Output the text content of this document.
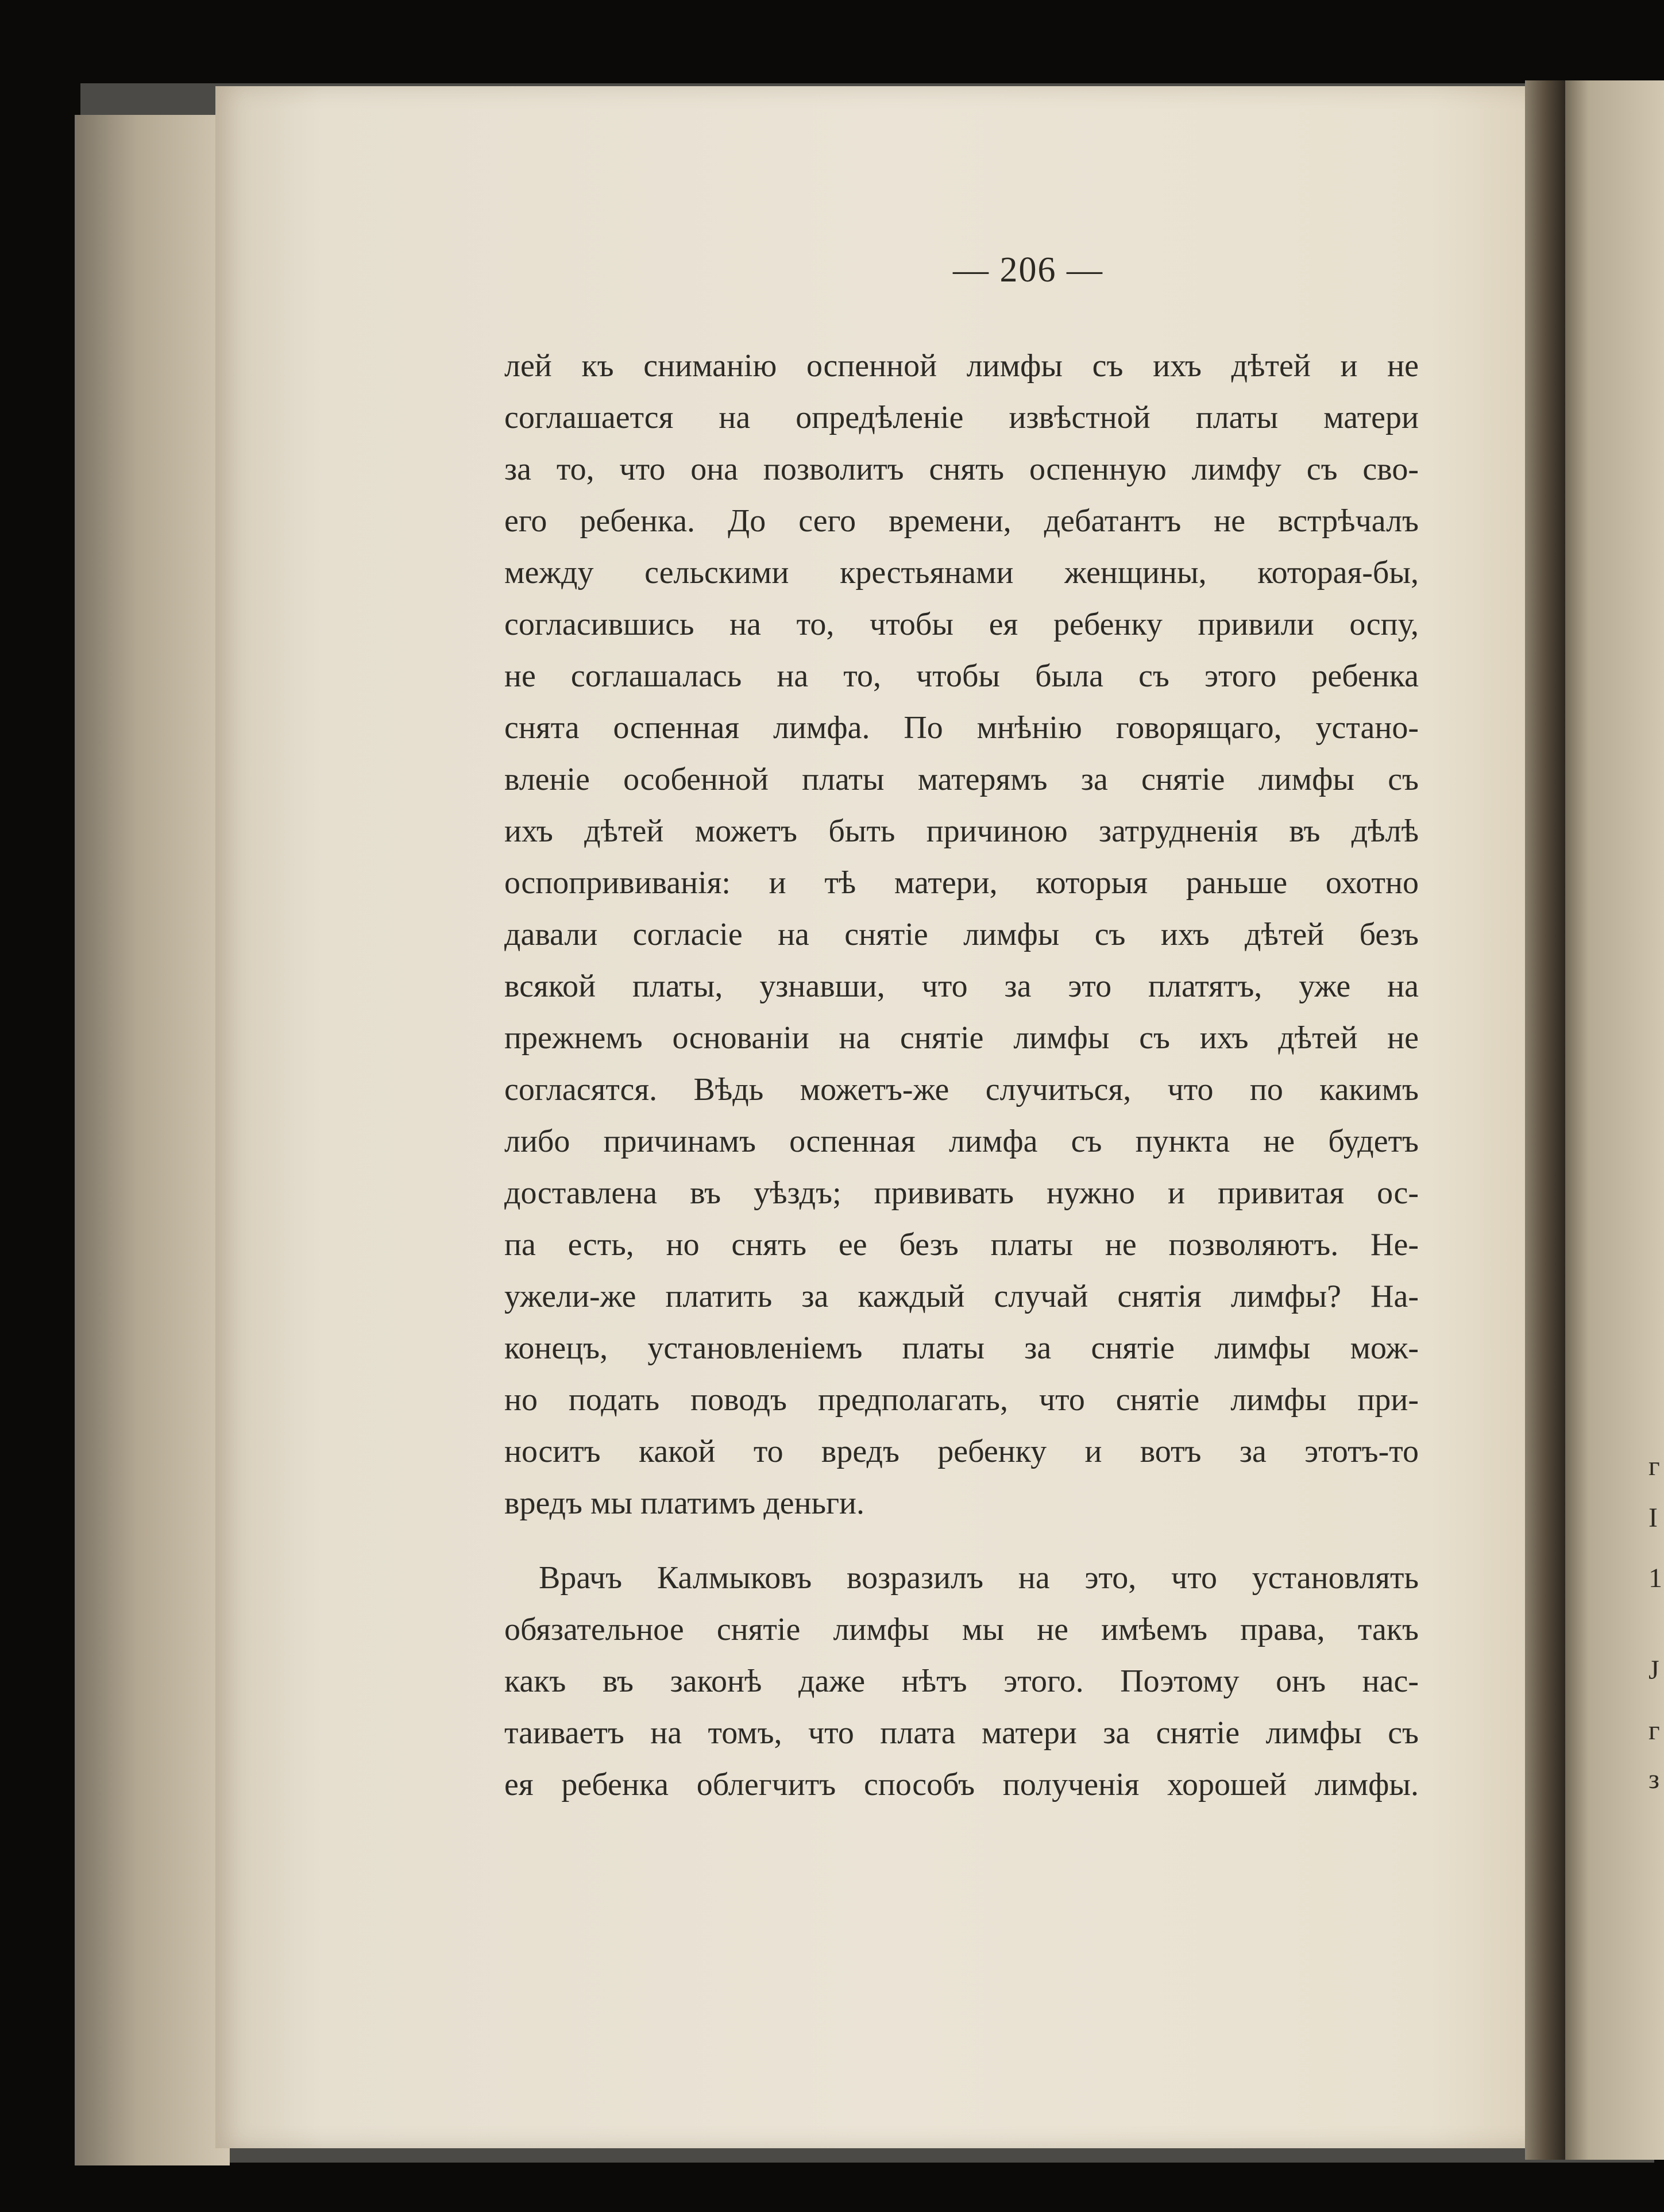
г
І
1
J
г
з
— 206 —
лей къ сниманію оспенной лимфы съ ихъ дѣтей и не
соглашается на опредѣленіе извѣстной платы матери
за то, что она позволитъ снять оспенную лимфу съ сво-
его ребенка. До сего времени, дебатантъ не встрѣчалъ
между сельскими крестьянами женщины, которая-бы,
согласившись на то, чтобы ея ребенку привили оспу,
не соглашалась на то, чтобы была съ этого ребенка
снята оспенная лимфа. По мнѣнію говорящаго, устано-
вленіе особенной платы матерямъ за снятіе лимфы съ
ихъ дѣтей можетъ быть причиною затрудненія въ дѣлѣ
оспопрививанія: и тѣ матери, которыя раньше охотно
давали согласіе на снятіе лимфы съ ихъ дѣтей безъ
всякой платы, узнавши, что за это платятъ, уже на
прежнемъ основаніи на снятіе лимфы съ ихъ дѣтей не
согласятся. Вѣдь можетъ-же случиться, что по какимъ
либо причинамъ оспенная лимфа съ пункта не будетъ
доставлена въ уѣздъ; прививать нужно и привитая ос-
па есть, но снять ее безъ платы не позволяютъ. Не-
ужели-же платить за каждый случай снятія лимфы? На-
конецъ, установленіемъ платы за снятіе лимфы мож-
но подать поводъ предполагать, что снятіе лимфы при-
носитъ какой то вредъ ребенку и вотъ за этотъ-то
вредъ мы платимъ деньги.
Врачъ Калмыковъ возразилъ на это, что установлять
обязательное снятіе лимфы мы не имѣемъ права, такъ
какъ въ законѣ даже нѣтъ этого. Поэтому онъ нас-
таиваетъ на томъ, что плата матери за снятіе лимфы съ
ея ребенка облегчитъ способъ полученія хорошей лимфы.
